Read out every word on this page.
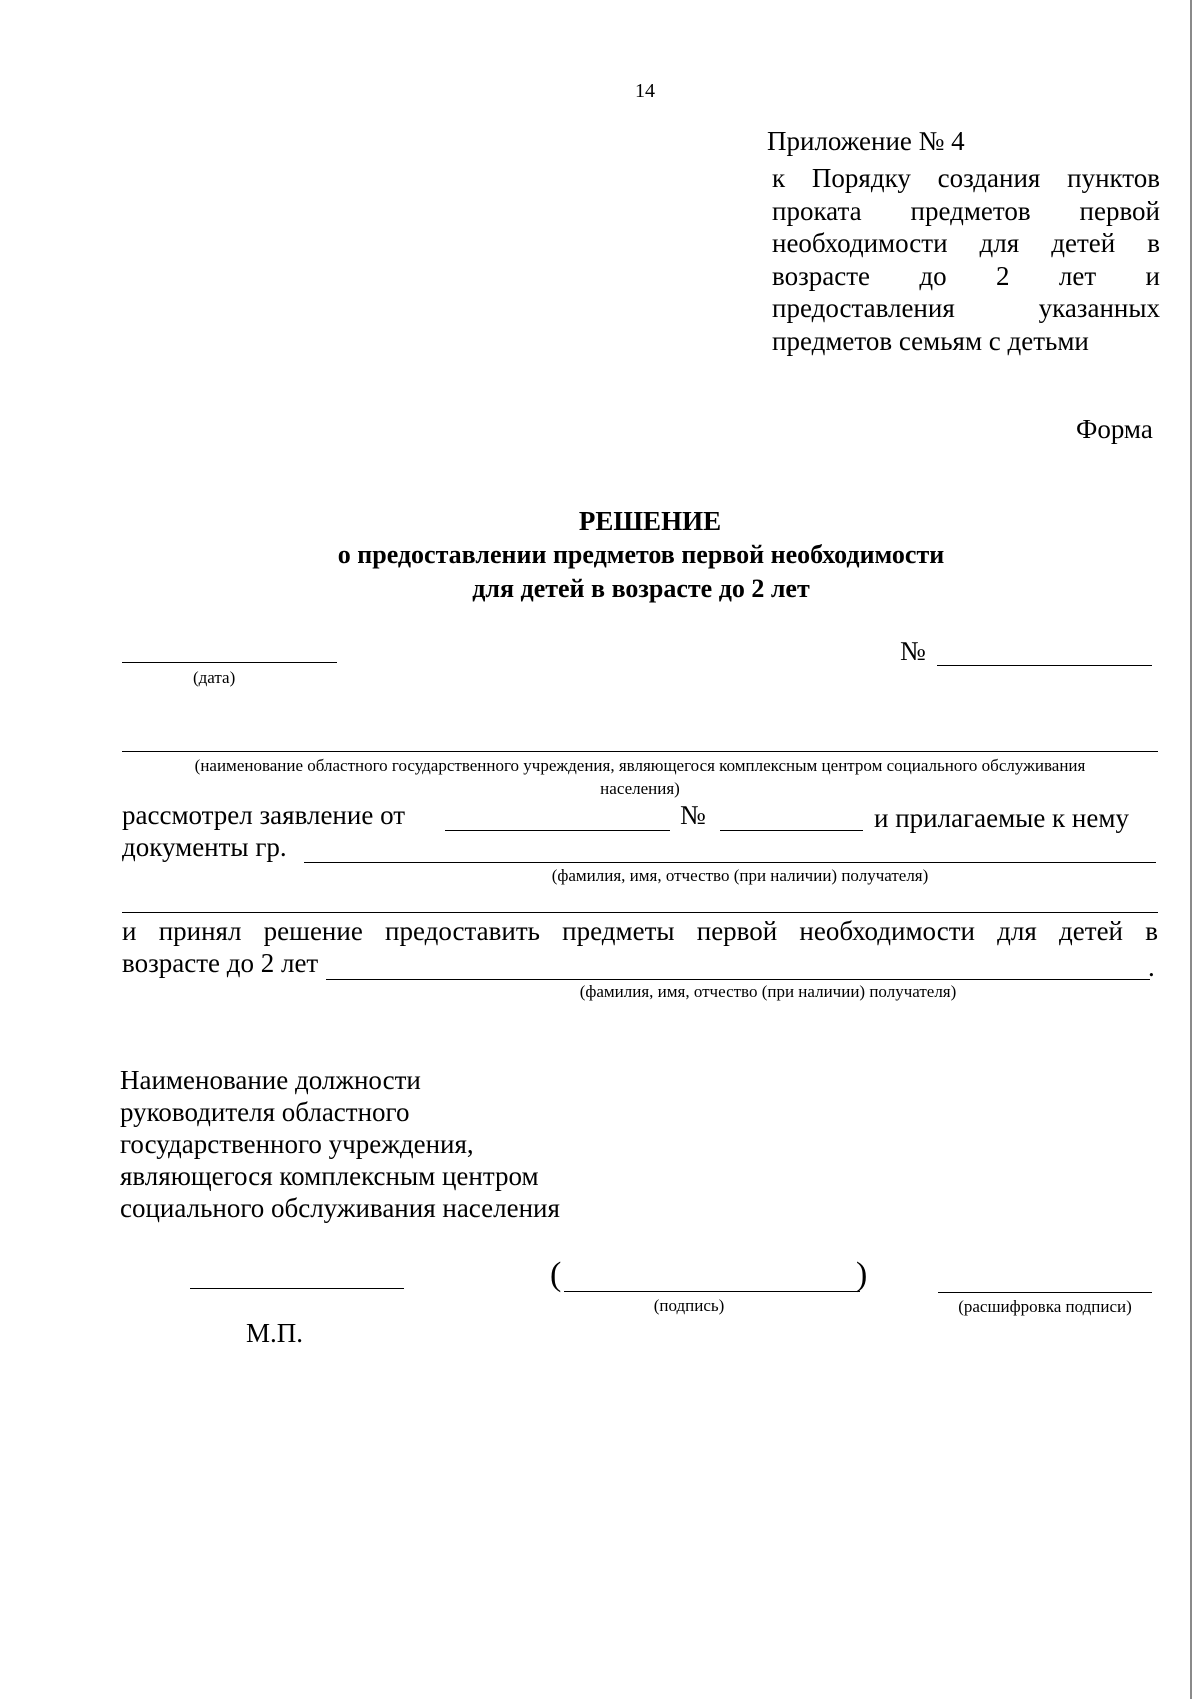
14
Приложение № 4
к Порядку создания пунктов проката предметов первой необходимости для детей в возрасте до 2 лет и предоставления указанных предметов семьям с детьми
Форма
РЕШЕНИЕ
о предоставлении предметов первой необходимости
для детей в возрасте до 2 лет
(дата)
№
(наименование областного государственного учреждения, являющегося комплексным центром социального обслуживания
населения)
рассмотрел заявление от	№	и прилагаемые к нему
документы гр.
(фамилия, имя, отчество (при наличии) получателя)
и принял решение предоставить предметы первой необходимости для детей в
возрасте до 2 лет	.
(фамилия, имя, отчество (при наличии) получателя)
Наименование должности
руководителя областного
государственного учреждения,
являющегося комплексным центром
социального обслуживания населения
(	)
(подпись)	(расшифровка подписи)
М.П.
